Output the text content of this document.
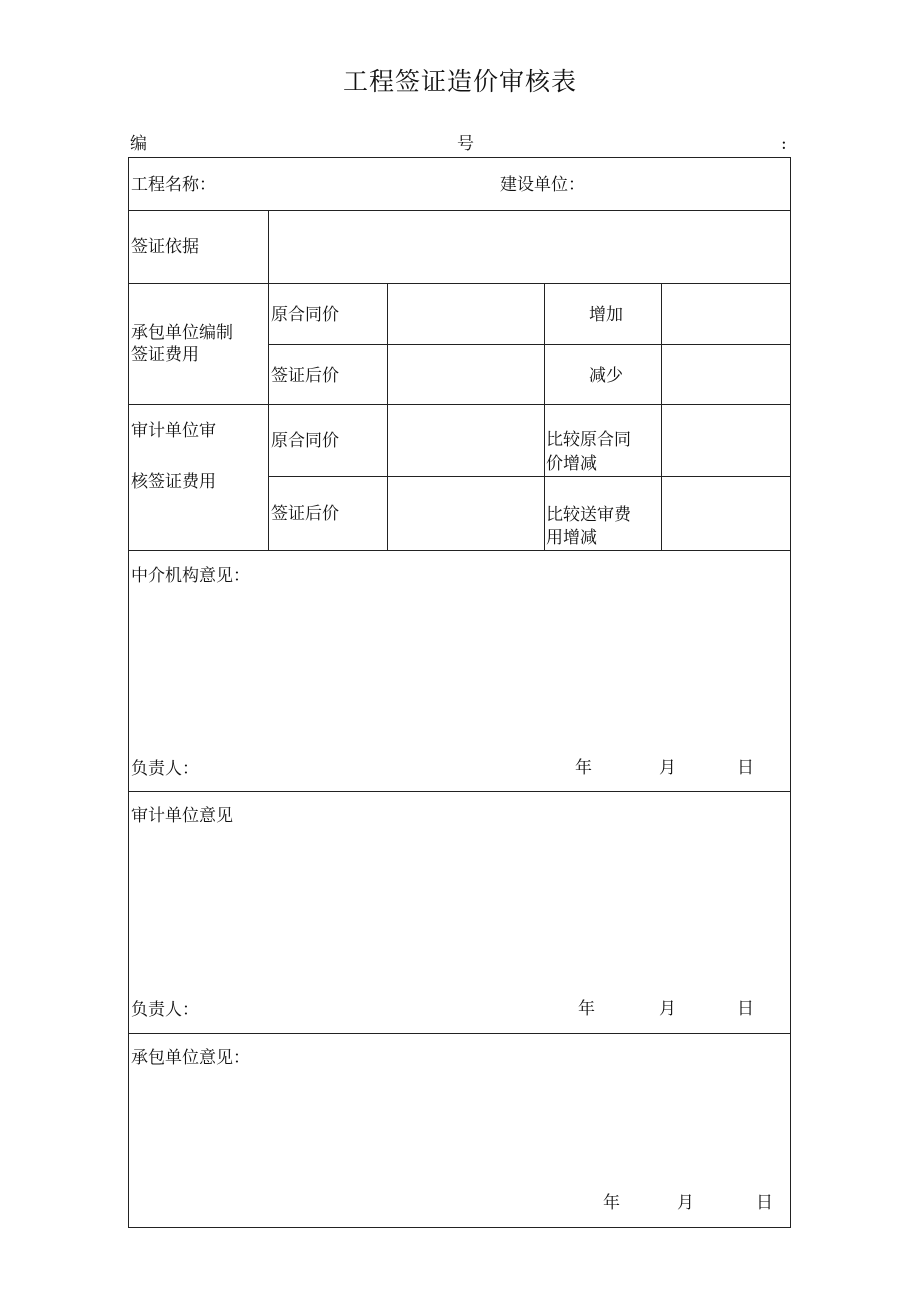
工程签证造价审核表
编	号	:
工程名称：	建设单位：
签证依据
承包单位编制
签证费用
原合同价	增加
签证后价	减少
审计单位审
核签证费用
原合同价	比较原合同
价增减
签证后价	比较送审费
用增减
中介机构意见：
负责人：	年	月	日
审计单位意见
负责人：	年	月	日
承包单位意见：
年	月	日
